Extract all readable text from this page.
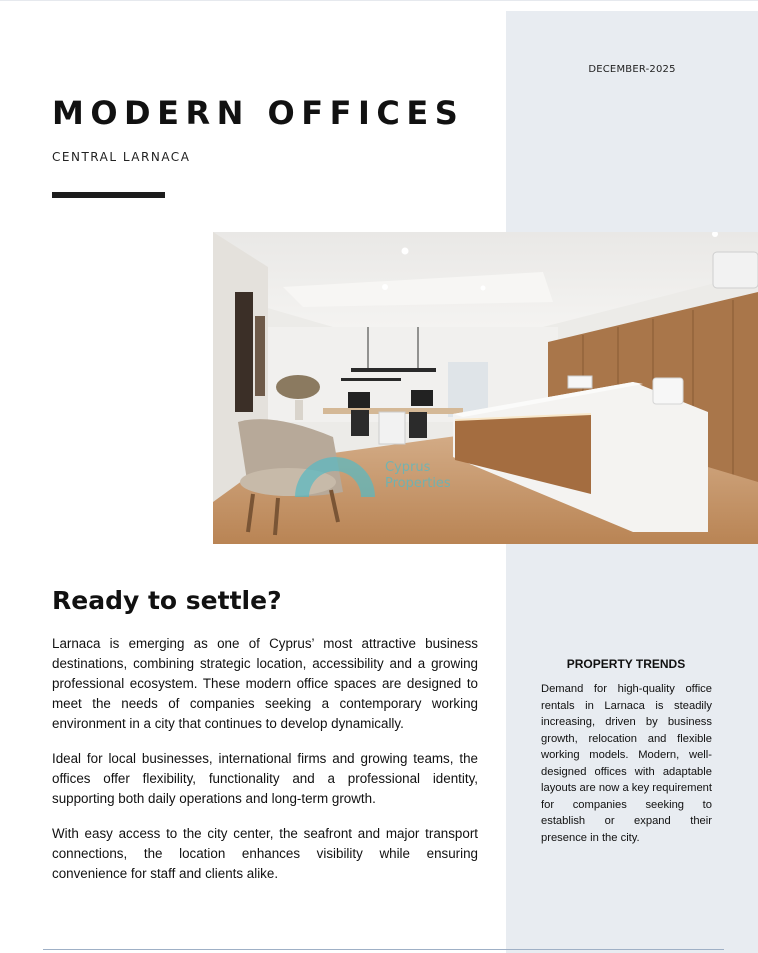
DECEMBER-2025
MODERN OFFICES
CENTRAL LARNACA
Cyprus
Properties
Ready to settle?

Larnaca is emerging as one of Cyprus’ most attractive business destinations, combining strategic location, accessibility and a growing professional ecosystem. These modern office spaces are designed to meet the needs of companies seeking a contemporary working environment in a city that continues to develop dynamically.

Ideal for local businesses, international firms and growing teams, the offices offer flexibility, functionality and a professional identity, supporting both daily operations and long-term growth.

With easy access to the city center, the seafront and major transport connections, the location enhances visibility while ensuring convenience for staff and clients alike.

PROPERTY TRENDS

Demand for high-quality office rentals in Larnaca is steadily increasing, driven by business growth, relocation and flexible working models. Modern, well-designed offices with adaptable layouts are now a key requirement for companies seeking to establish or expand their presence in the city.
